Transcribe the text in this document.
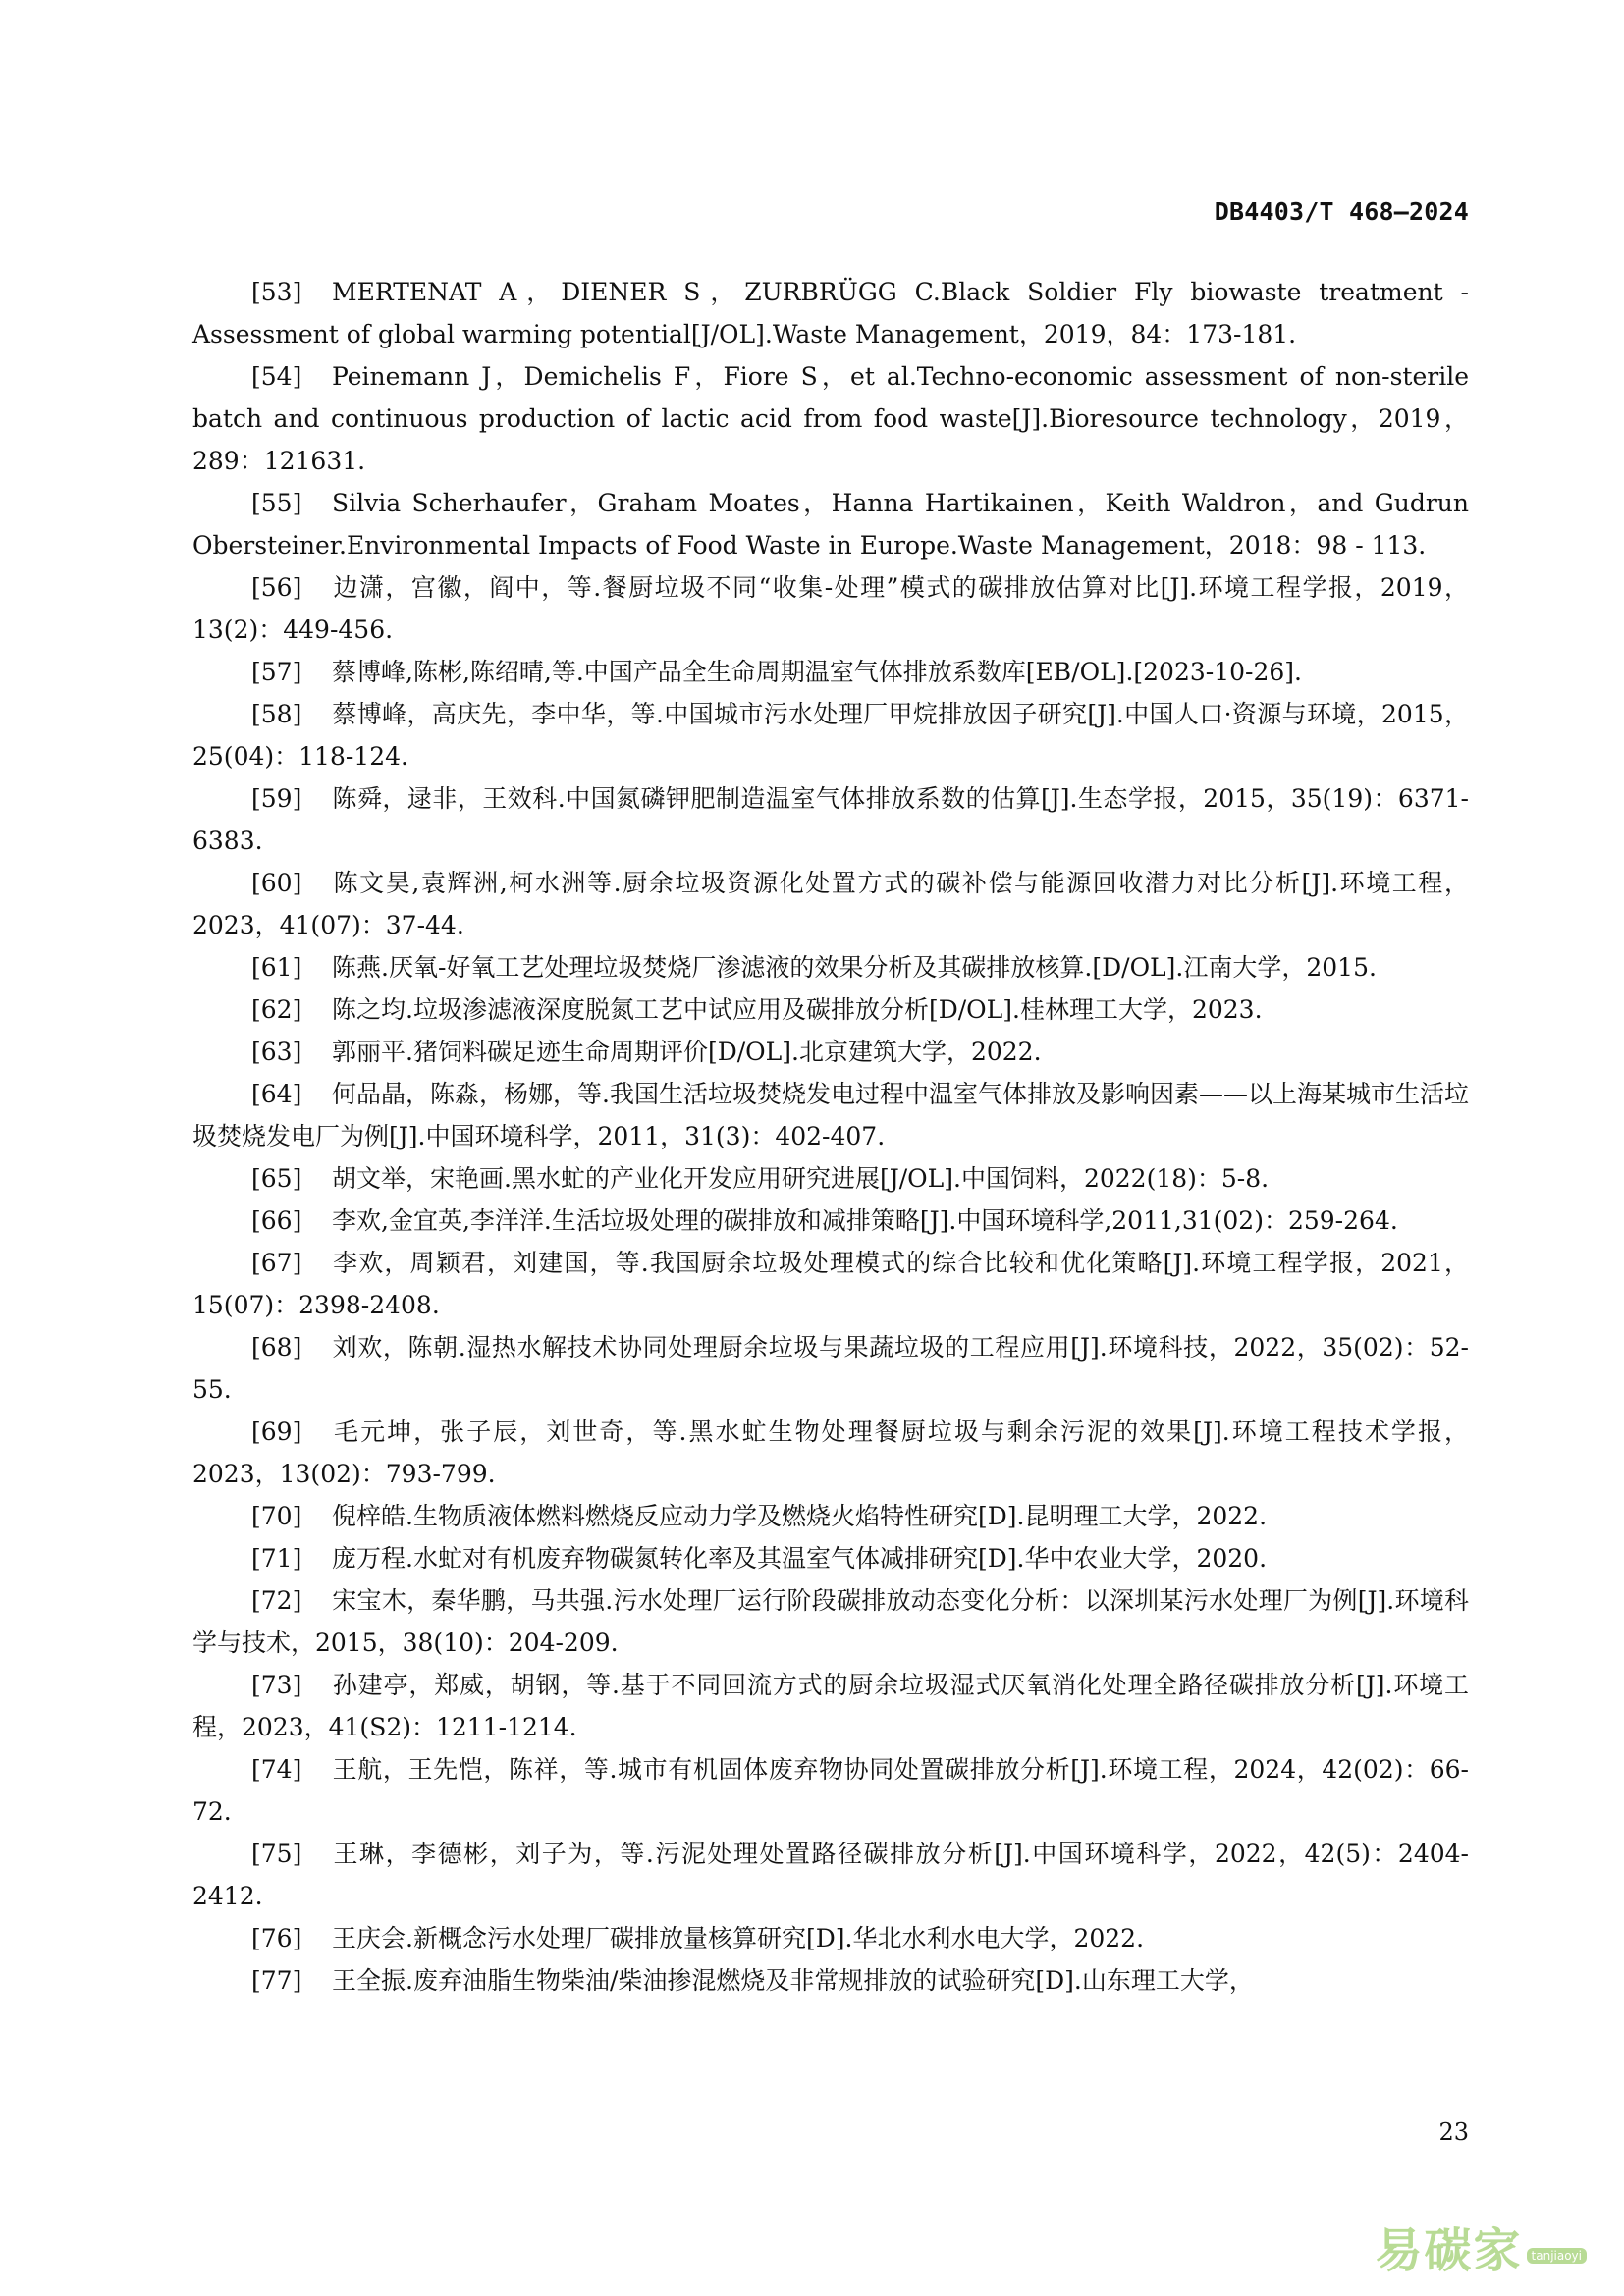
DB4403/T 468—2024

[53] MERTENAT A，DIENER S，ZURBRÜGG C.Black Soldier Fly biowaste treatment - Assessment of global warming potential[J/OL].Waste Management，2019，84：173-181.

[54] Peinemann J，Demichelis F，Fiore S，et al.Techno-economic assessment of non-sterile batch and continuous production of lactic acid from food waste[J].Bioresource technology，2019，289：121631.

[55] Silvia Scherhaufer，Graham Moates，Hanna Hartikainen，Keith Waldron，and Gudrun Obersteiner.Environmental Impacts of Food Waste in Europe.Waste Management，2018：98 - 113.

[56] 边潇，宫徽，阎中，等.餐厨垃圾不同“收集-处理”模式的碳排放估算对比[J].环境工程学报，2019，13(2)：449-456.

[57] 蔡博峰,陈彬,陈绍晴,等.中国产品全生命周期温室气体排放系数库[EB/OL].[2023-10-26].

[58] 蔡博峰，高庆先，李中华，等.中国城市污水处理厂甲烷排放因子研究[J].中国人口·资源与环境，2015，25(04)：118-124.

[59] 陈舜，逯非，王效科.中国氮磷钾肥制造温室气体排放系数的估算[J].生态学报，2015，35(19)：6371-6383.

[60] 陈文昊,袁辉洲,柯水洲等.厨余垃圾资源化处置方式的碳补偿与能源回收潜力对比分析[J].环境工程，2023，41(07)：37-44.

[61] 陈燕.厌氧-好氧工艺处理垃圾焚烧厂渗滤液的效果分析及其碳排放核算.[D/OL].江南大学，2015.

[62] 陈之均.垃圾渗滤液深度脱氮工艺中试应用及碳排放分析[D/OL].桂林理工大学，2023.

[63] 郭丽平.猪饲料碳足迹生命周期评价[D/OL].北京建筑大学，2022.

[64] 何品晶，陈淼，杨娜，等.我国生活垃圾焚烧发电过程中温室气体排放及影响因素——以上海某城市生活垃圾焚烧发电厂为例[J].中国环境科学，2011，31(3)：402-407.

[65] 胡文举，宋艳画.黑水虻的产业化开发应用研究进展[J/OL].中国饲料，2022(18)：5-8.

[66] 李欢,金宜英,李洋洋.生活垃圾处理的碳排放和减排策略[J].中国环境科学,2011,31(02)：259-264.

[67] 李欢，周颖君，刘建国，等.我国厨余垃圾处理模式的综合比较和优化策略[J].环境工程学报，2021，15(07)：2398-2408.

[68] 刘欢，陈朝.湿热水解技术协同处理厨余垃圾与果蔬垃圾的工程应用[J].环境科技，2022，35(02)：52-55.

[69] 毛元坤，张子辰，刘世奇，等.黑水虻生物处理餐厨垃圾与剩余污泥的效果[J].环境工程技术学报，2023，13(02)：793-799.

[70] 倪梓皓.生物质液体燃料燃烧反应动力学及燃烧火焰特性研究[D].昆明理工大学，2022.

[71] 庞万程.水虻对有机废弃物碳氮转化率及其温室气体减排研究[D].华中农业大学，2020.

[72] 宋宝木，秦华鹏，马共强.污水处理厂运行阶段碳排放动态变化分析：以深圳某污水处理厂为例[J].环境科学与技术，2015，38(10)：204-209.

[73] 孙建亭，郑威，胡钢，等.基于不同回流方式的厨余垃圾湿式厌氧消化处理全路径碳排放分析[J].环境工程，2023，41(S2)：1211-1214.

[74] 王航，王先恺，陈祥，等.城市有机固体废弃物协同处置碳排放分析[J].环境工程，2024，42(02)：66-72.

[75] 王琳，李德彬，刘子为，等.污泥处理处置路径碳排放分析[J].中国环境科学，2022，42(5)：2404-2412.

[76] 王庆会.新概念污水处理厂碳排放量核算研究[D].华北水利水电大学，2022.

[77] 王全振.废弃油脂生物柴油/柴油掺混燃烧及非常规排放的试验研究[D].山东理工大学，

23
易碳家 tanjiaoyi
